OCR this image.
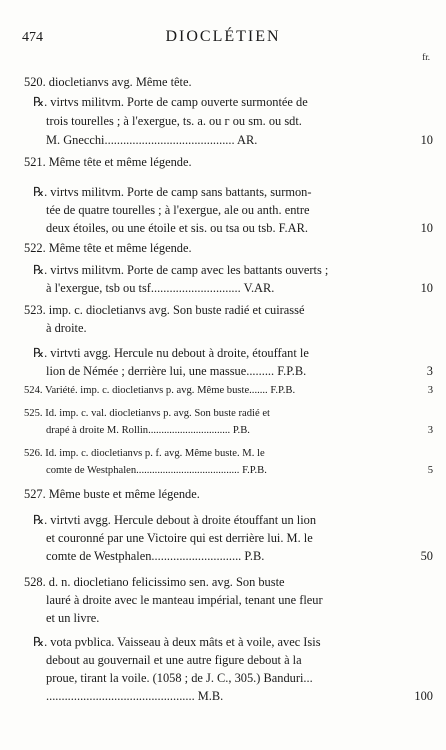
474	DIOCLÉTIEN
fr.
520. diocletianvs avg. Même tête.
℞. virtvs militvm. Porte de camp ouverte surmontée de
trois tourelles ; à l'exergue, ts. a. ou г ou sm. ou sdt.
M. Gnecchi.......................................... AR.	10
521. Même tête et même légende.
℞. virtvs militvm. Porte de camp sans battants, surmon-
tée de quatre tourelles ; à l'exergue, ale ou anth. entre
deux étoiles, ou une étoile et sis. ou tsa ou tsb. F.AR.	10
522. Même tête et même légende.
℞. virtvs militvm. Porte de camp avec les battants ouverts ;
à l'exergue, tsb ou tsf............................. V.AR.	10
523. imp. c. diocletianvs avg. Son buste radié et cuirassé
à droite.
℞. virtvti avgg. Hercule nu debout à droite, étouffant le
lion de Némée ; derrière lui, une massue......... F.P.B.	3
524. Variété. imp. c. diocletianvs p. avg. Même buste....... F.P.B.	3
525. Id. imp. c. val. diocletianvs p. avg. Son buste radié et
drapé à droite M. Rollin............................... P.B.	3
526. Id. imp. c. diocletianvs p. f. avg. Même buste. M. le
comte de Westphalen....................................... F.P.B.	5
527. Même buste et même légende.
℞. virtvti avgg. Hercule debout à droite étouffant un lion
et couronné par une Victoire qui est derrière lui. M. le
comte de Westphalen............................. P.B.	50
528. d. n. diocletiano felicissimo sen. avg. Son buste
lauré à droite avec le manteau impérial, tenant une fleur
et un livre.
℞. vota pvblica. Vaisseau à deux mâts et à voile, avec Isis
debout au gouvernail et une autre figure debout à la
proue, tirant la voile. (1058 ; de J. C., 305.) Banduri...
................................................ M.B.	100
